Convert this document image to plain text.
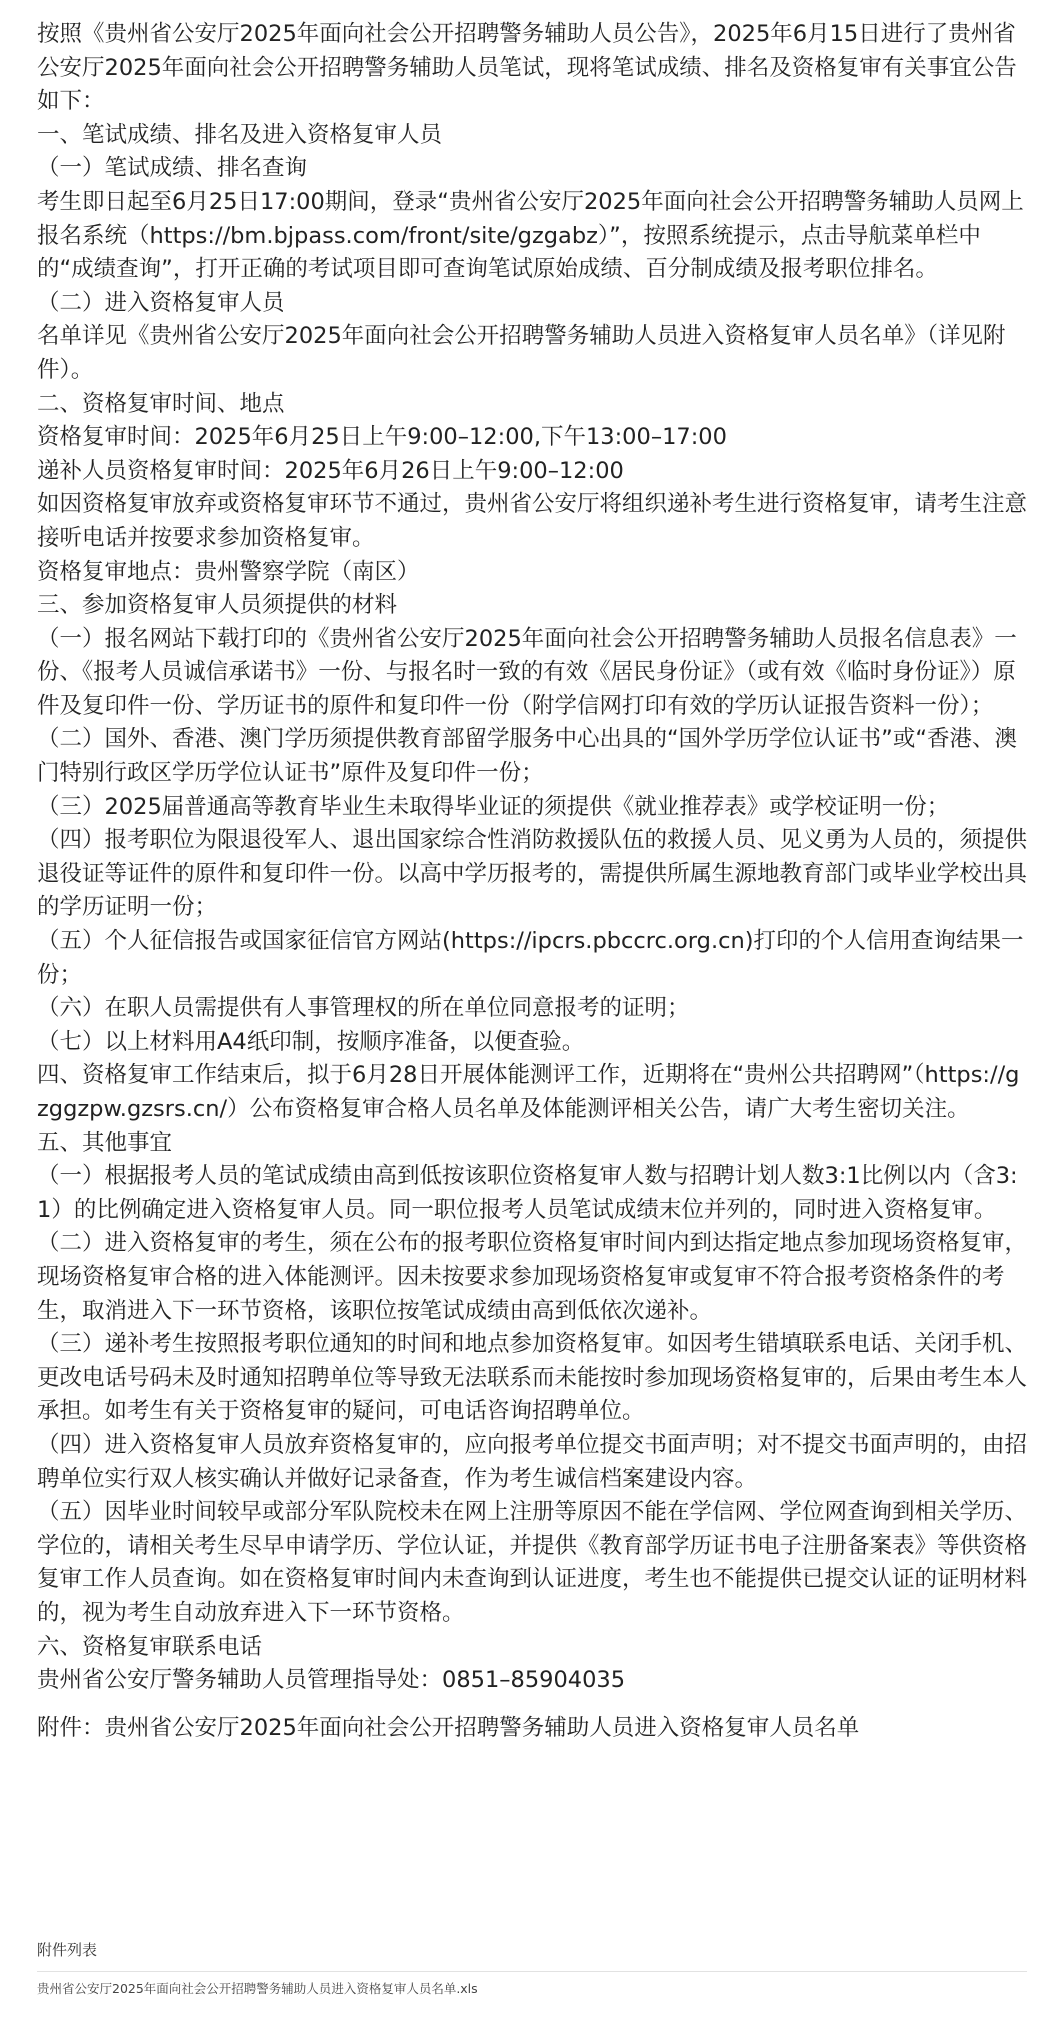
按照《贵州省公安厅2025年面向社会公开招聘警务辅助人员公告》，2025年6月15日进行了贵州省公安厅2025年面向社会公开招聘警务辅助人员笔试，现将笔试成绩、排名及资格复审有关事宜公告如下：

一、笔试成绩、排名及进入资格复审人员

（一）笔试成绩、排名查询

考生即日起至6月25日17:00期间，登录“贵州省公安厅2025年面向社会公开招聘警务辅助人员网上报名系统（https://bm.bjpass.com/front/site/gzgabz）”，按照系统提示，点击导航菜单栏中的“成绩查询”，打开正确的考试项目即可查询笔试原始成绩、百分制成绩及报考职位排名。

（二）进入资格复审人员

名单详见《贵州省公安厅2025年面向社会公开招聘警务辅助人员进入资格复审人员名单》（详见附件）。

二、资格复审时间、地点

资格复审时间：2025年6月25日上午9:00–12:00,下午13:00–17:00

递补人员资格复审时间：2025年6月26日上午9:00–12:00

如因资格复审放弃或资格复审环节不通过，贵州省公安厅将组织递补考生进行资格复审，请考生注意接听电话并按要求参加资格复审。

资格复审地点：贵州警察学院（南区）

三、参加资格复审人员须提供的材料

（一）报名网站下载打印的《贵州省公安厅2025年面向社会公开招聘警务辅助人员报名信息表》一份、《报考人员诚信承诺书》一份、与报名时一致的有效《居民身份证》（或有效《临时身份证》）原件及复印件一份、学历证书的原件和复印件一份（附学信网打印有效的学历认证报告资料一份）；

（二）国外、香港、澳门学历须提供教育部留学服务中心出具的“国外学历学位认证书”或“香港、澳门特别行政区学历学位认证书”原件及复印件一份；

（三）2025届普通高等教育毕业生未取得毕业证的须提供《就业推荐表》或学校证明一份；

（四）报考职位为限退役军人、退出国家综合性消防救援队伍的救援人员、见义勇为人员的，须提供退役证等证件的原件和复印件一份。以高中学历报考的，需提供所属生源地教育部门或毕业学校出具的学历证明一份；

（五）个人征信报告或国家征信官方网站(https://ipcrs.pbccrc.org.cn)打印的个人信用查询结果一份；

（六）在职人员需提供有人事管理权的所在单位同意报考的证明；

（七）以上材料用A4纸印制，按顺序准备，以便查验。

四、资格复审工作结束后，拟于6月28日开展体能测评工作，近期将在“贵州公共招聘网”（https://gzggzpw.gzsrs.cn/）公布资格复审合格人员名单及体能测评相关公告，请广大考生密切关注。

五、其他事宜

（一）根据报考人员的笔试成绩由高到低按该职位资格复审人数与招聘计划人数3:1比例以内（含3:1）的比例确定进入资格复审人员。同一职位报考人员笔试成绩末位并列的，同时进入资格复审。

（二）进入资格复审的考生，须在公布的报考职位资格复审时间内到达指定地点参加现场资格复审，现场资格复审合格的进入体能测评。因未按要求参加现场资格复审或复审不符合报考资格条件的考生，取消进入下一环节资格，该职位按笔试成绩由高到低依次递补。

（三）递补考生按照报考职位通知的时间和地点参加资格复审。如因考生错填联系电话、关闭手机、更改电话号码未及时通知招聘单位等导致无法联系而未能按时参加现场资格复审的，后果由考生本人承担。如考生有关于资格复审的疑问，可电话咨询招聘单位。

（四）进入资格复审人员放弃资格复审的，应向报考单位提交书面声明；对不提交书面声明的，由招聘单位实行双人核实确认并做好记录备查，作为考生诚信档案建设内容。

（五）因毕业时间较早或部分军队院校未在网上注册等原因不能在学信网、学位网查询到相关学历、学位的，请相关考生尽早申请学历、学位认证，并提供《教育部学历证书电子注册备案表》等供资格复审工作人员查询。如在资格复审时间内未查询到认证进度，考生也不能提供已提交认证的证明材料的，视为考生自动放弃进入下一环节资格。

六、资格复审联系电话

贵州省公安厅警务辅助人员管理指导处：0851–85904035

附件：贵州省公安厅2025年面向社会公开招聘警务辅助人员进入资格复审人员名单

附件列表
贵州省公安厅2025年面向社会公开招聘警务辅助人员进入资格复审人员名单.xls
